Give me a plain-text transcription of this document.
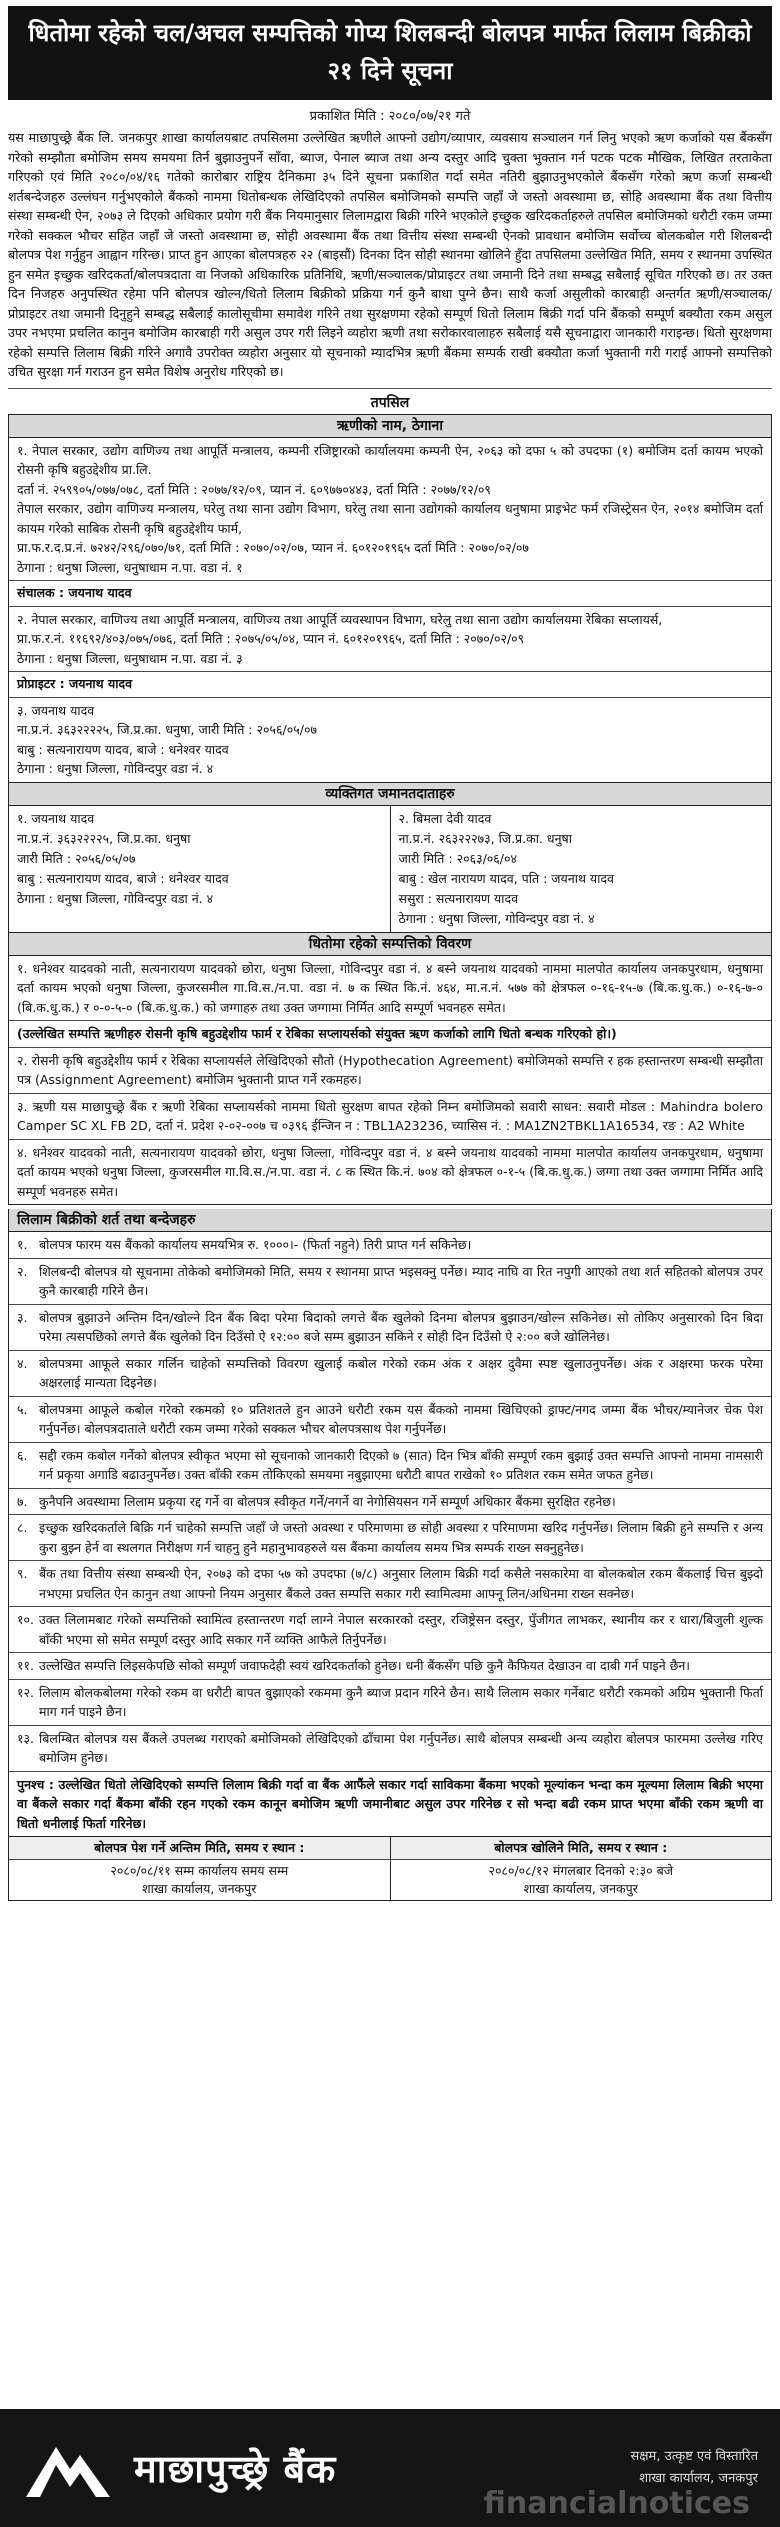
धितोमा रहेको चल/अचल सम्पत्तिको गोप्य शिलबन्दी बोलपत्र मार्फत लिलाम बिक्रीको २१ दिने सूचना
प्रकाशित मिति : २०८०/०७/२१ गते
यस माछापुच्छ्रे बैंक लि. जनकपुर शाखा कार्यालयबाट तपसिलमा उल्लेखित ऋणीले आफ्नो उद्योग/व्यापार, व्यवसाय सञ्चालन गर्न लिनु भएको ऋण कर्जाको यस बैंकसँग गरेको सम्झौता बमोजिम समय समयमा तिर्न बुझाउनुपर्ने साँवा, ब्याज, पेनाल ब्याज तथा अन्य दस्तुर आदि चुक्ता भुक्तान गर्न पटक पटक मौखिक, लिखित तरताकेता गरिएको एवं मिति २०८०/०४/१६ गतेको कारोबार राष्ट्रिय दैनिकमा ३५ दिने सूचना प्रकाशित गर्दा समेत नतिरी बुझाउनुभएकोले बैंकसँग गरेको ऋण कर्जा सम्बन्धी शर्तबन्देजहरु उल्लंघन गर्नुभएकोले बैंकको नाममा धितोबन्धक लेखिदिएको तपसिल बमोजिमको सम्पत्ति जहाँ जे जस्तो अवस्थामा छ, सोहि अवस्थामा बैंक तथा वित्तीय संस्था सम्बन्धी ऐन, २०७३ ले दिएको अधिकार प्रयोग गरी बैंक नियमानुसार लिलामद्वारा बिक्री गरिने भएकोले इच्छुक खरिदकर्ताहरुले तपसिल बमोजिमको धरौटी रकम जम्मा गरेको सक्कल भौचर सहित जहाँ जे जस्तो अवस्थामा छ, सोही अवस्थामा बैंक तथा वित्तीय संस्था सम्बन्धी ऐनको प्रावधान बमोजिम सर्वोच्च बोलकबोल गरी शिलबन्दी बोलपत्र पेश गर्नुहुन आह्वान गरिन्छ। प्राप्त हुन आएका बोलपत्रहरु २२ (बाइसौं) दिनका दिन सोही स्थानमा खोलिने हुँदा तपसिलमा उल्लेखित मिति, समय र स्थानमा उपस्थित हुन समेत इच्छुक खरिदकर्ता/बोलपत्रदाता वा निजको अधिकारिक प्रतिनिधि, ऋणी/सञ्चालक/प्रोप्राइटर तथा जमानी दिने तथा सम्बद्ध सबैलाई सूचित गरिएको छ। तर उक्त दिन निजहरु अनुपस्थित रहेमा पनि बोलपत्र खोल्न/धितो लिलाम बिक्रीको प्रक्रिया गर्न कुनै बाधा पुग्ने छैन। साथै कर्जा असुलीको कारबाही अन्तर्गत ऋणी/सञ्चालक/प्रोप्राइटर तथा जमानी दिनुहुने सम्बद्ध सबैलाई कालोसूचीमा समावेश गरिने तथा सुरक्षणमा रहेको सम्पूर्ण धितो लिलाम बिक्री गर्दा पनि बैंकको सम्पूर्ण बक्यौता रकम असुल उपर नभएमा प्रचलित कानुन बमोजिम कारबाही गरी असुल उपर गरी लिइने व्यहोरा ऋणी तथा सरोकारवालाहरु सबैलाई यसै सूचनाद्वारा जानकारी गराइन्छ। धितो सुरक्षणमा रहेको सम्पत्ति लिलाम बिक्री गरिने अगावै उपरोक्त व्यहोरा अनुसार यो सूचनाको म्यादभित्र ऋणी बैंकमा सम्पर्क राखी बक्यौता कर्जा भुक्तानी गरी गराई आफ्नो सम्पत्तिको उचित सुरक्षा गर्न गराउन हुन समेत विशेष अनुरोध गरिएको छ।
तपसिल
ऋणीको नाम, ठेगाना
१. नेपाल सरकार, उद्योग वाणिज्य तथा आपूर्ति मन्त्रालय, कम्पनी रजिष्ट्रारको कार्यालयमा कम्पनी ऐन, २०६३ को दफा ५ को उपदफा (१) बमोजिम दर्ता कायम भएको रोसनी कृषि बहुउद्देशीय प्रा.लि.
दर्ता नं. २५९९०५/०७७/०७८, दर्ता मिति : २०७७/१२/०९, प्यान नं. ६०९७७०४४३, दर्ता मिति : २०७७/१२/०९
तेपाल सरकार, उद्योग वाणिज्य मन्त्रालय, घरेलु तथा साना उद्योग विभाग, घरेलु तथा साना उद्योगको कार्यालय धनुषामा प्राइभेट फर्म रजिस्ट्रेसन ऐन, २०१४ बमोजिम दर्ता कायम गरेको साबिक रोसनी कृषि बहुउद्देशीय फार्म,
प्रा.फ.र.द.प्र.नं. ७२४२/२९६/०७०/७१, दर्ता मिति : २०७०/०२/०७, प्यान नं. ६०१२०१९६५ दर्ता मिति : २०७०/०२/०७
ठेगाना : धनुषा जिल्ला, धनुषाधाम न.पा. वडा नं. १
संचालक : जयनाथ यादव
२. नेपाल सरकार, वाणिज्य तथा आपूर्ति मन्त्रालय, वाणिज्य तथा आपूर्ति व्यवस्थापन विभाग, घरेलु तथा साना उद्योग कार्यालयमा रेबिका सप्लायर्स,
प्रा.फ.र.नं. ११६९२/४०३/०७५/०७६, दर्ता मिति : २०७५/०५/०४, प्यान नं. ६०१२०१९६५, दर्ता मिति : २०७०/०२/०९
ठेगाना : धनुषा जिल्ला, धनुषाधाम न.पा. वडा नं. ३
प्रोप्राइटर : जयनाथ यादव
३. जयनाथ यादव
ना.प्र.नं. ३६३२२२२५, जि.प्र.का. धनुषा, जारी मिति : २०५६/०५/०७
बाबु : सत्यनारायण यादव, बाजे : धनेश्वर यादव
ठेगाना : धनुषा जिल्ला, गोविन्दपुर वडा नं. ४
व्यक्तिगत जमानतदाताहरु
१. जयनाथ यादव
ना.प्र.नं. ३६३२२२२५, जि.प्र.का. धनुषा
जारी मिति : २०५६/०५/०७
बाबु : सत्यनारायण यादव, बाजे : धनेश्वर यादव
ठेगाना : धनुषा जिल्ला, गोविन्दपुर वडा नं. ४
२. बिमला देवी यादव
ना.प्र.नं. २६३२२२७३, जि.प्र.का. धनुषा
जारी मिति : २०६३/०६/०४
बाबु : खेल नारायण यादव, पति : जयनाथ यादव
ससुरा : सत्यनारायण यादव
ठेगाना : धनुषा जिल्ला, गोविन्दपुर वडा नं. ४
धितोमा रहेको सम्पत्तिको विवरण
१. धनेश्वर यादवको नाती, सत्यनारायण यादवको छोरा, धनुषा जिल्ला, गोविन्दपुर वडा नं. ४ बस्ने जयनाथ यादवको नाममा मालपोत कार्यालय जनकपुरधाम, धनुषामा दर्ता कायम भएको धनुषा जिल्ला, कुजरसमील गा.वि.स./न.पा. वडा नं. ७ क स्थित कि.नं. ४६४, मा.न.नं. ५७७ को क्षेत्रफल ०-१६-१५-७ (बि.क.धु.क.) ०-१६-७-० (बि.क.धु.क.) र ०-०-५-० (बि.क.धु.क.) को जग्गाहरु तथा उक्त जग्गामा निर्मित आदि सम्पूर्ण भवनहरु समेत।
(उल्लेखित सम्पत्ति ऋणीहरु रोसनी कृषि बहुउद्देशीय फार्म र रेबिका सप्लायर्सको संयुक्त ऋण कर्जाको लागि धितो बन्धक गरिएको हो।)
२. रोसनी कृषि बहुउद्देशीय फार्म र रेबिका सप्लायर्सले लेखिदिएको सौतो (Hypothecation Agreement) बमोजिमको सम्पत्ति र हक हस्तान्तरण सम्बन्धी सम्झौता पत्र (Assignment Agreement) बमोजिम भुक्तानी प्राप्त गर्ने रकमहरु।
३. ऋणी यस माछापुच्छ्रे बैंक र ऋणी रेबिका सप्लायर्सको नाममा धितो सुरक्षण बापत रहेको निम्न बमोजिमको सवारी साधन: सवारी मोडल : Mahindra bolero Camper SC XL FB 2D, दर्ता नं. प्रदेश २-०२-००७ च ०३९६ ईन्जिन न : TBL1A23236, च्यासिस नं. : MA1ZN2TBKL1A16534, रङ : A2 White
४. धनेश्वर यादवको नाती, सत्यनारायण यादवको छोरा, धनुषा जिल्ला, गोविन्दपुर वडा नं. ४ बस्ने जयनाथ यादवको नाममा मालपोत कार्यालय जनकपुरधाम, धनुषामा दर्ता कायम भएको धनुषा जिल्ला, कुजरसमील गा.वि.स./न.पा. वडा नं. ८ क स्थित कि.नं. ७०४ को क्षेत्रफल ०-१-५ (बि.क.धु.क.) जग्गा तथा उक्त जग्गामा निर्मित आदि सम्पूर्ण भवनहरु समेत।
लिलाम बिक्रीको शर्त तथा बन्देजहरु
१. बोलपत्र फारम यस बैंकको कार्यालय समयभित्र रु. १०००।- (फिर्ता नहुने) तिरी प्राप्त गर्न सकिनेछ।
२. शिलबन्दी बोलपत्र यो सूचनामा तोकेको बमोजिमको मिति, समय र स्थानमा प्राप्त भइसक्नु पर्नेछ। म्याद नाघि वा रित नपुगी आएको तथा शर्त सहितको बोलपत्र उपर कुनै कारबाही गरिने छैन।
३. बोलपत्र बुझाउने अन्तिम दिन/खोल्ने दिन बैंक बिदा परेमा बिदाको लगत्ते बैंक खुलेको दिनमा बोलपत्र बुझाउन/खोल्न सकिनेछ। सो तोकिए अनुसारको दिन बिदा परेमा त्यसपछिको लगत्ते बैंक खुलेको दिन दिउँसो ऐ १२:०० बजे सम्म बुझाउन सकिने र सोही दिन दिउँसो ऐ २:०० बजे खोलिनेछ।
४. बोलपत्रमा आफूले सकार गर्लिन चाहेको सम्पत्तिको विवरण खुलाई कबोल गरेको रकम अंक र अक्षर दुवैमा स्पष्ट खुलाउनुपर्नेछ। अंक र अक्षरमा फरक परेमा अक्षरलाई मान्यता दिइनेछ।
५. बोलपत्रमा आफूले कबोल गरेको रकमको १० प्रतिशतले हुन आउने धरौटी रकम यस बैंकको नाममा खिचिएको ड्राफ्ट/नगद जम्मा बैंक भौचर/म्यानेजर चेक पेश गर्नुपर्नेछ। बोलपत्रदाताले धरौटी रकम जम्मा गरेको सक्कल भौचर बोलपत्रसाथ पेश गर्नुपर्नेछ।
६. सद्दी रकम कबोल गर्नेको बोलपत्र स्वीकृत भएमा सो सूचनाको जानकारी दिएको ७ (सात) दिन भित्र बाँकी सम्पूर्ण रकम बुझाई उक्त सम्पत्ति आफ्नो नाममा नामसारी गर्न प्रकृया अगाडि बढाउनुपर्नेछ। उक्त बाँकी रकम तोकिएको समयमा नबुझाएमा धरौटी बापत राखेको १० प्रतिशत रकम समेत जफत हुनेछ।
७. कुनैपनि अवस्थामा लिलाम प्रकृया रद्द गर्ने वा बोलपत्र स्वीकृत गर्ने/नगर्ने वा नेगोसियसन गर्ने सम्पूर्ण अधिकार बैंकमा सुरक्षित रहनेछ।
८. इच्छुक खरिदकर्ताले बिक्रि गर्न चाहेको सम्पत्ति जहाँ जे जस्तो अवस्था र परिमाणमा छ सोही अवस्था र परिमाणमा खरिद गर्नुपर्नेछ। लिलाम बिक्री हुने सम्पत्ति र अन्य कुरा बुझ्न हेर्न वा स्थलगत निरीक्षण गर्न चाहनु हुने महानुभावहरुले यस बैंकमा कार्यालय समय भित्र सम्पर्क राख्न सक्नुहुनेछ।
९. बैंक तथा वित्तीय संस्था सम्बन्धी ऐन, २०७३ को दफा ५७ को उपदफा (७/८) अनुसार लिलाम बिक्री गर्दा कसैले नसकारेमा वा बोलकबोल रकम बैंकलाई चित्त बुझ्दो नभएमा प्रचलित ऐन कानुन तथा आफ्नो नियम अनुसार बैंकले उक्त सम्पत्ति सकार गरी स्वामित्वमा आफ्नू लिन/अधिनमा राख्न सक्नेछ।
१०. उक्त लिलामबाट गरेको सम्पत्तिको स्वामित्व हस्तान्तरण गर्दा लाग्ने नेपाल सरकारको दस्तुर, रजिष्ट्रेसन दस्तुर, पुँजीगत लाभकर, स्थानीय कर र धारा/बिजुली शुल्क बाँकी भएमा सो समेत सम्पूर्ण दस्तुर आदि सकार गर्ने व्यक्ति आफैले तिर्नुपर्नेछ।
११. उल्लेखित सम्पत्ति लिइसकेपछि सोको सम्पूर्ण जवाफदेही स्वयं खरिदकर्ताको हुनेछ। धनी बैंकसँग पछि कुनै कैफियत देखाउन वा दाबी गर्न पाइने छैन।
१२. लिलाम बोलकबोलमा गरेको रकम वा धरौटी बापत बुझाएको रकममा कुनै ब्याज प्रदान गरिने छैन। साथै लिलाम सकार गर्नेबाट धरौटी रकमको अग्रिम भुक्तानी फिर्ता माग गर्न पाइने छैन।
१३. बिलम्बित बोलपत्र यस बैंकले उपलब्ध गराएको बमोजिमको लेखिदिएको ढाँचामा पेश गर्नुपर्नेछ। साथै बोलपत्र सम्बन्धी अन्य व्यहोरा बोलपत्र फारममा उल्लेख गरिए बमोजिम हुनेछ।
पुनश्च : उल्लेखित धितो लेखिदिएको सम्पत्ति लिलाम बिक्री गर्दा वा बैंक आफैंले सकार गर्दा साविकमा बैंकमा भएको मूल्यांकन भन्दा कम मूल्यमा लिलाम बिक्री भएमा वा बैंकले सकार गर्दा बैंकमा बाँकी रहन गएको रकम कानून बमोजिम ऋणी जमानीबाट असुल उपर गरिनेछ र सो भन्दा बढी रकम प्राप्त भएमा बाँकी रकम ऋणी वा धितो धनीलाई फिर्ता गरिनेछ।
बोलपत्र पेश गर्ने अन्तिम मिति, समय र स्थान :
२०८०/०८/११ सम्म कार्यालय समय सम्म
शाखा कार्यालय, जनकपुर
बोलपत्र खोलिने मिति, समय र स्थान :
२०८०/०८/१२ मंगलबार दिनको २:३० बजे
शाखा कार्यालय, जनकपुर
माछापुच्छ्रे बैंक	सक्षम, उत्कृष्ट एवं विस्तारित
शाखा कार्यालय, जनकपुर
financialnotices
